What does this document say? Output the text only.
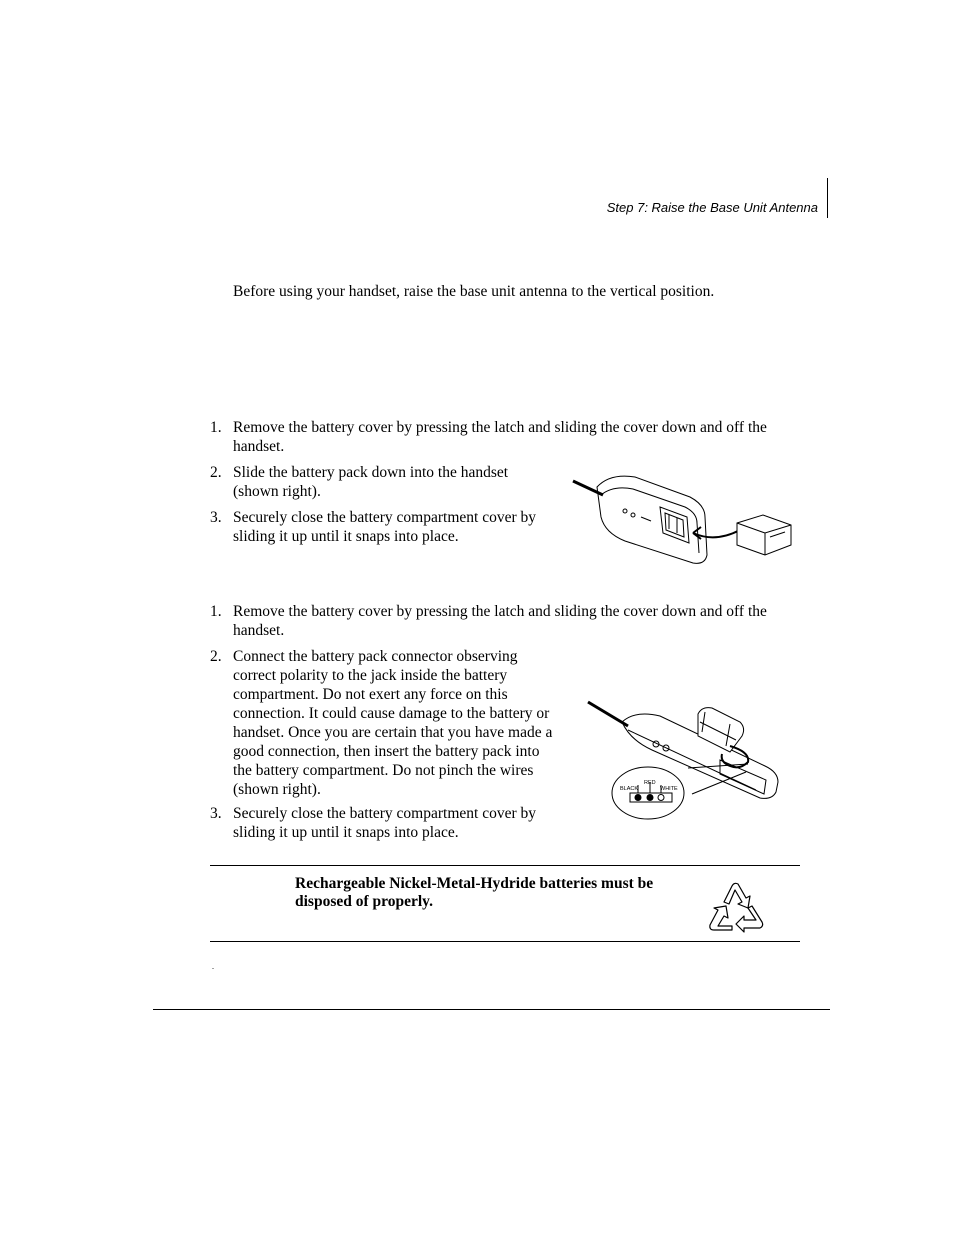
Step 7: Raise the Base Unit Antenna
Before using your handset, raise the base unit antenna to the vertical position.
1. Remove the battery cover by pressing the latch and sliding the cover down and off the handset.
2. Slide the battery pack down into the handset (shown right).
3. Securely close the battery compartment cover by sliding it up until it snaps into place.
1. Remove the battery cover by pressing the latch and sliding the cover down and off the handset.
2. Connect the battery pack connector observing correct polarity to the jack inside the battery compartment. Do not exert any force on this connection. It could cause damage to the battery or handset. Once you are certain that you have made a good connection, then insert the battery pack into the battery compartment. Do not pinch the wires (shown right).
3. Securely close the battery compartment cover by sliding it up until it snaps into place.
BLACK
RED
WHITE
Rechargeable Nickel-Metal-Hydride batteries must be disposed of properly.
.
